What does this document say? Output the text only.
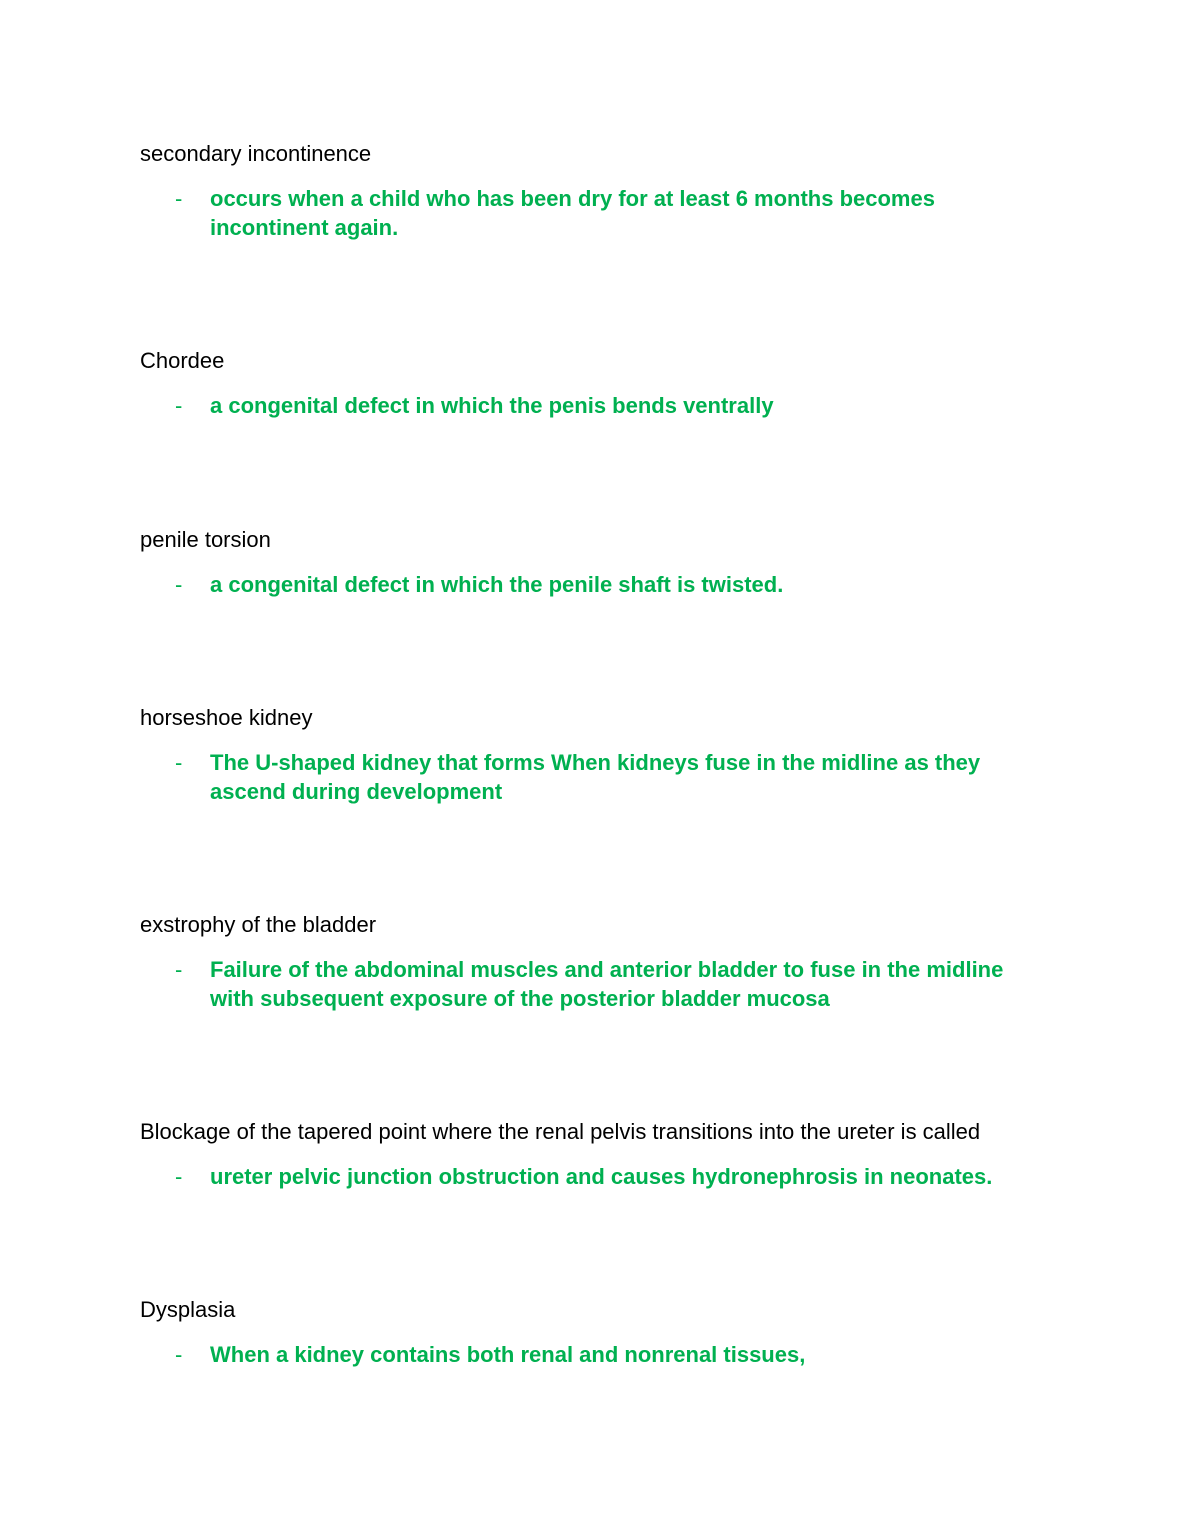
secondary incontinence

-	occurs when a child who has been dry for at least 6 months becomes incontinent again.

Chordee

-	a congenital defect in which the penis bends ventrally

penile torsion

-	a congenital defect in which the penile shaft is twisted.

horseshoe kidney

-	The U-shaped kidney that forms When kidneys fuse in the midline as they ascend during development

exstrophy of the bladder

-	Failure of the abdominal muscles and anterior bladder to fuse in the midline with subsequent exposure of the posterior bladder mucosa

Blockage of the tapered point where the renal pelvis transitions into the ureter is called

-	ureter pelvic junction obstruction and causes hydronephrosis in neonates.

Dysplasia

-	When a kidney contains both renal and nonrenal tissues,
